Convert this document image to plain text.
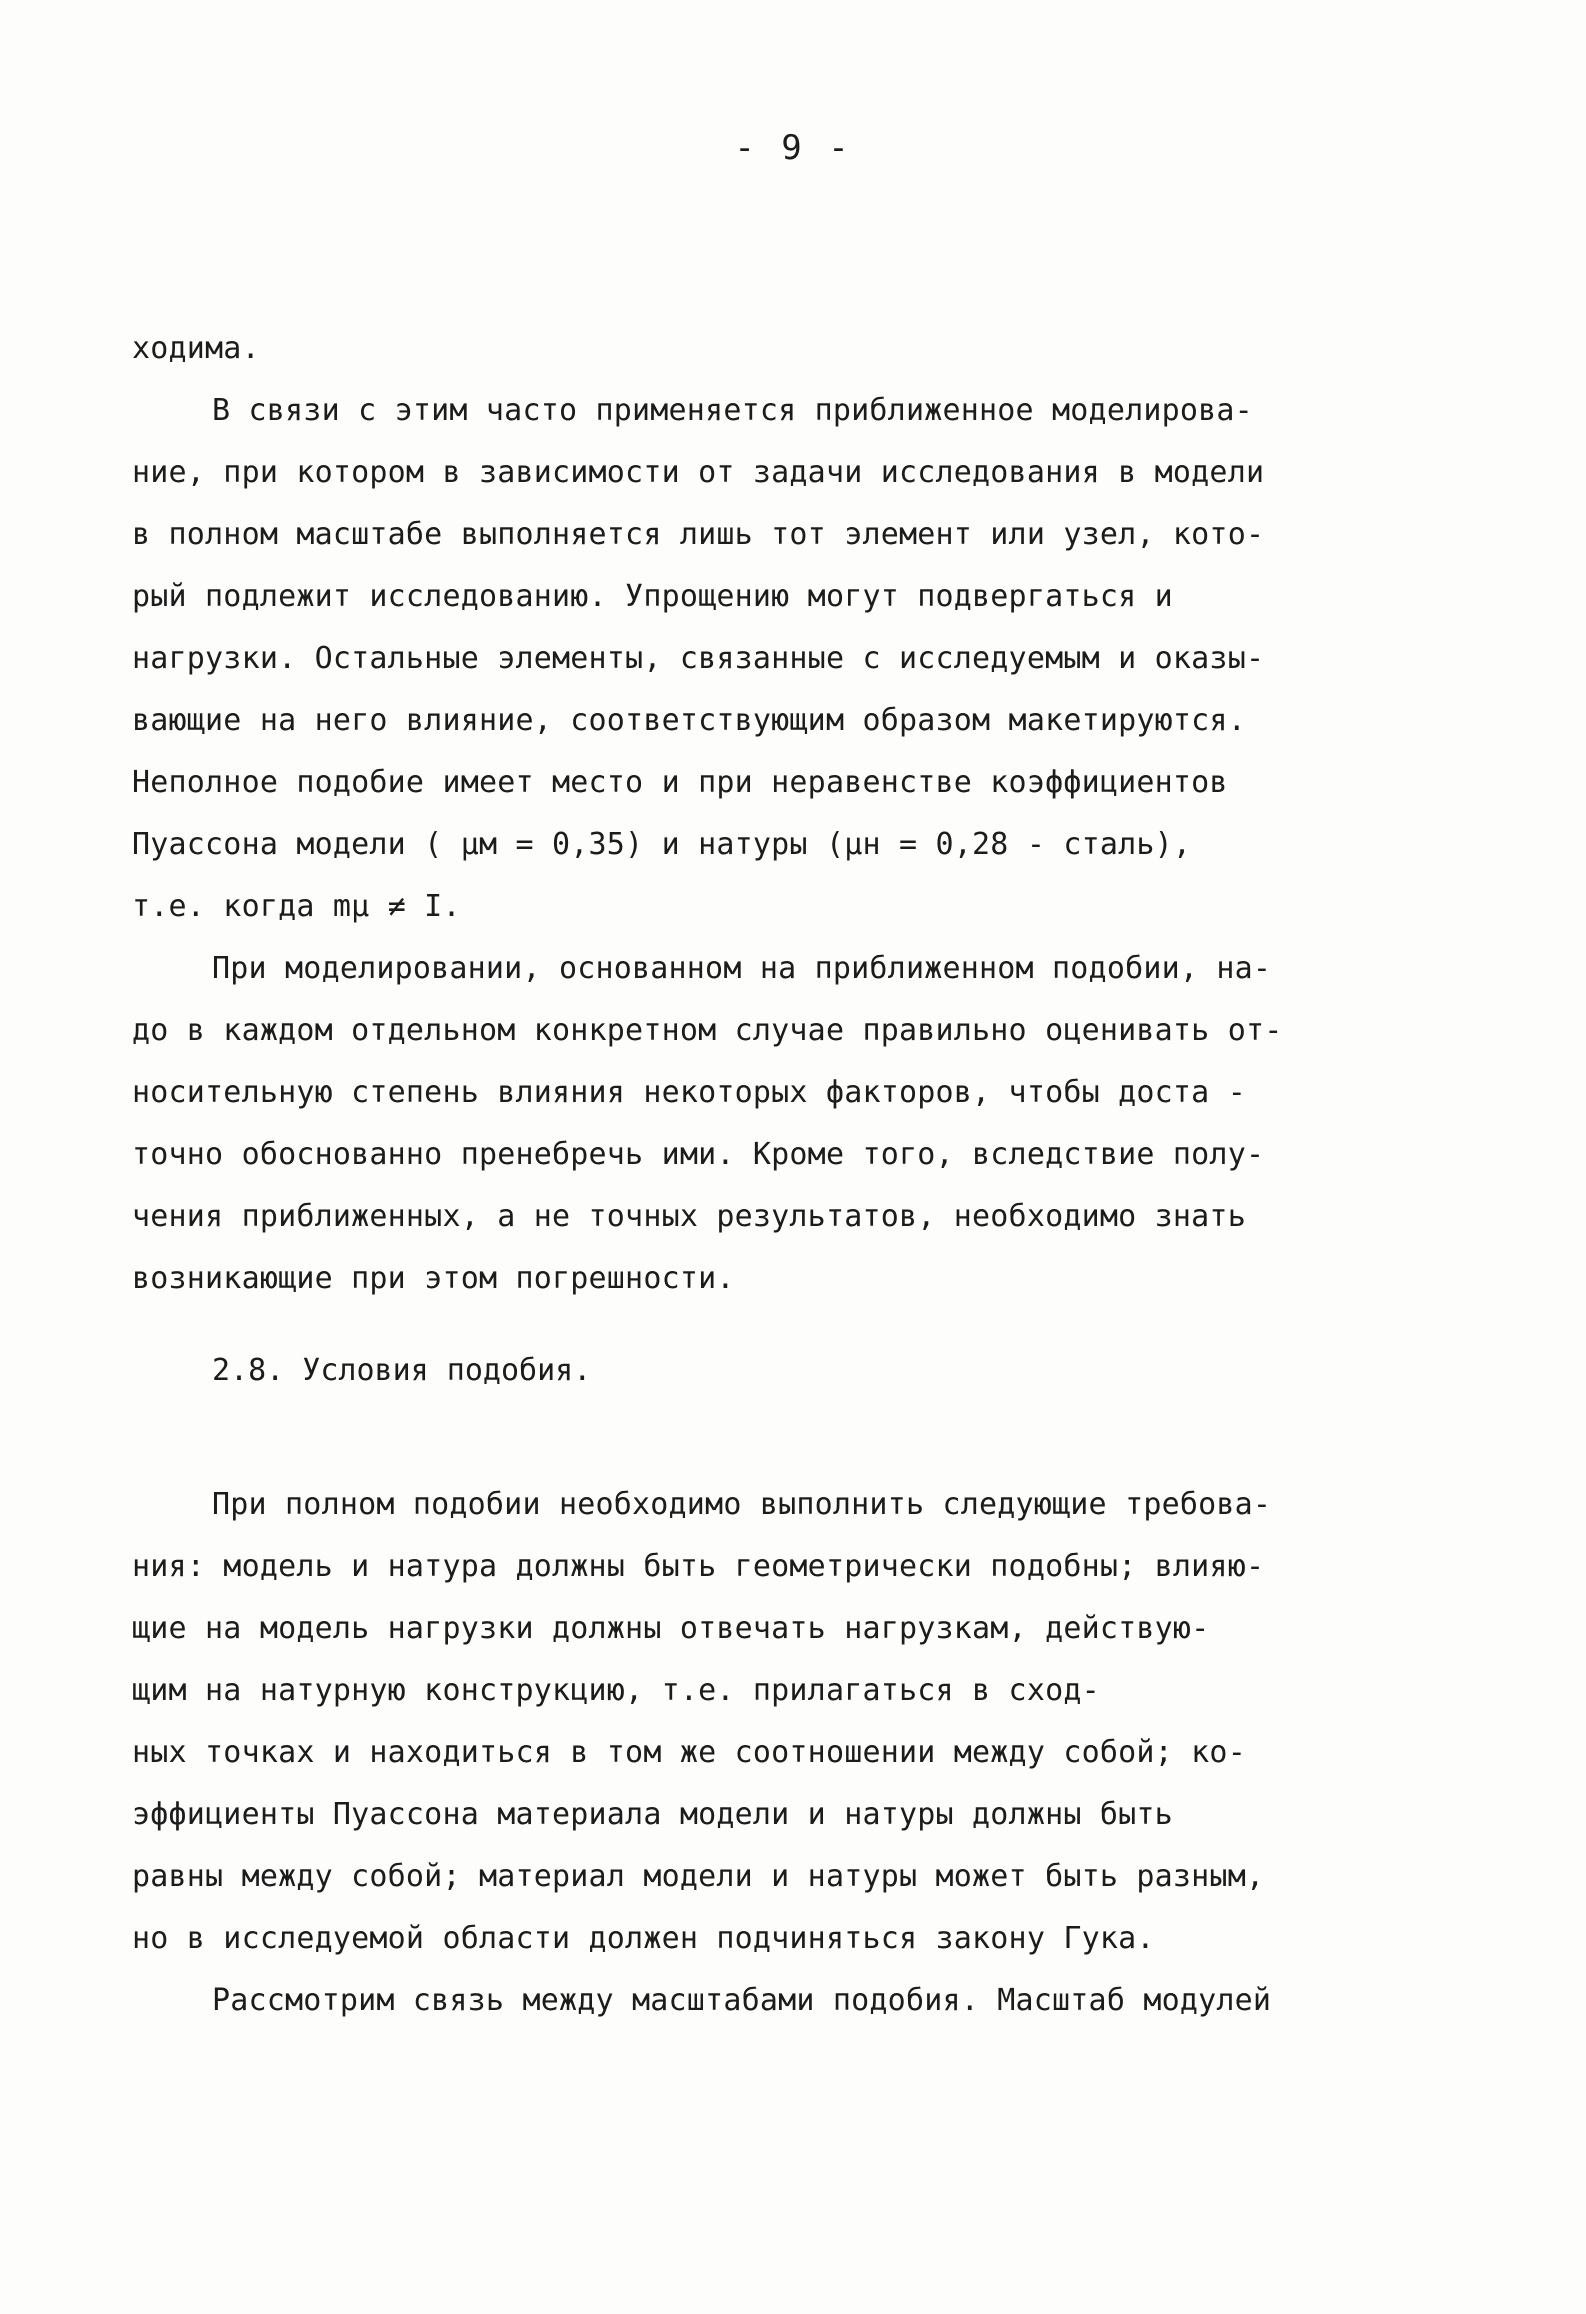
- 9 -
ходима.
В связи с этим часто применяется приближенное моделирова-
ние, при котором в зависимости от задачи исследования в модели
в полном масштабе выполняется лишь тот элемент или узел, кото-
рый подлежит исследованию. Упрощению могут подвергаться и
нагрузки. Остальные элементы, связанные с исследуемым и оказы-
вающие на него влияние, соответствующим образом макетируются.
Неполное подобие имеет место и при неравенстве коэффициентов
Пуассона модели ( μм = 0,35) и натуры (μн = 0,28 - сталь),
т.е. когда mμ ≠ I.
При моделировании, основанном на приближенном подобии, на-
до в каждом отдельном конкретном случае правильно оценивать от-
носительную степень влияния некоторых факторов, чтобы доста -
точно обоснованно пренебречь ими. Кроме того, вследствие полу-
чения приближенных, а не точных результатов, необходимо знать
возникающие при этом погрешности.
2.8. Условия подобия.
При полном подобии необходимо выполнить следующие требова-
ния: модель и натура должны быть геометрически подобны; влияю-
щие на модель нагрузки должны отвечать нагрузкам, действую-
щим на натурную конструкцию, т.е. прилагаться в сход-
ных точках и находиться в том же соотношении между собой; ко-
эффициенты Пуассона материала модели и натуры должны быть
равны между собой; материал модели и натуры может быть разным,
но в исследуемой области должен подчиняться закону Гука.
Рассмотрим связь между масштабами подобия. Масштаб модулей
